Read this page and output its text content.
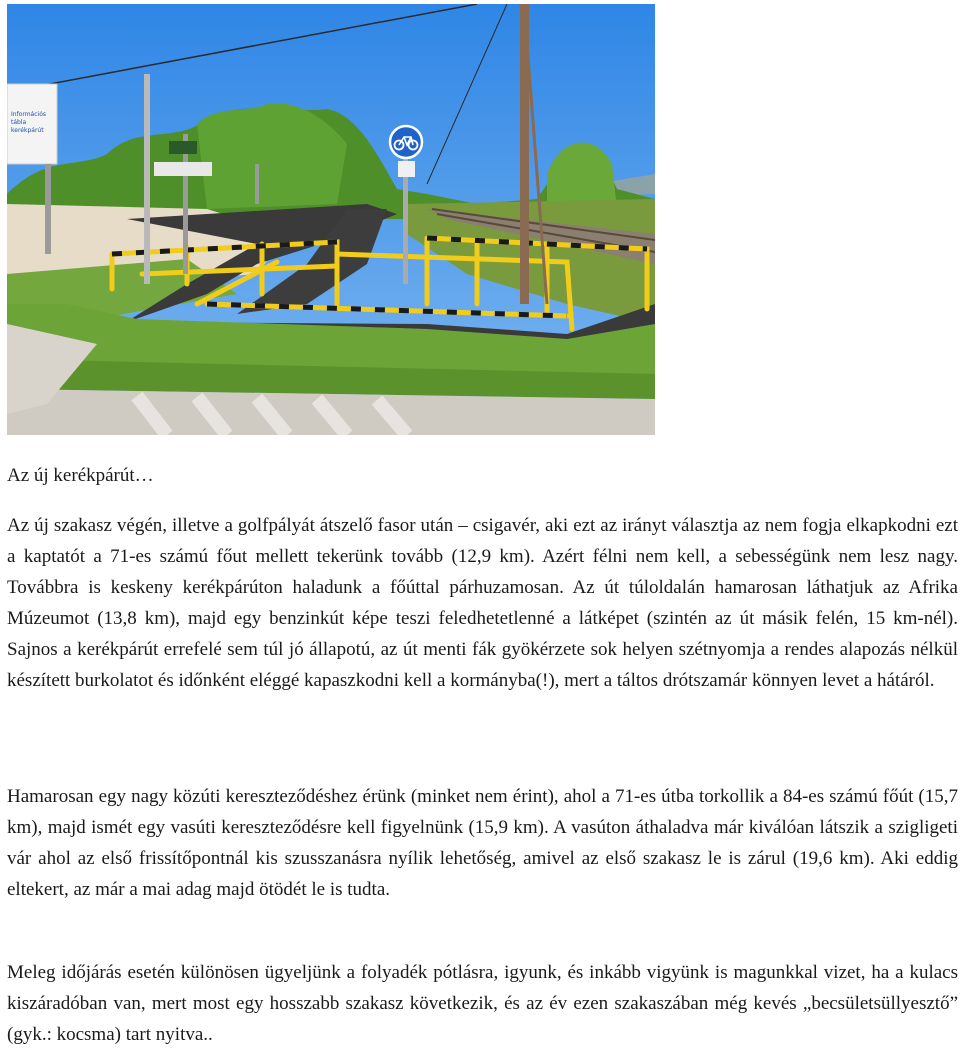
Információs
tábla
kerékpárút

Az új kerékpárút…

Az új szakasz végén, illetve a golfpályát átszelő fasor után – csigavér, aki ezt az irányt választja az nem fogja elkapkodni ezt a kaptatót a 71-es számú főut mellett tekerünk tovább (12,9 km). Azért félni nem kell, a sebességünk nem lesz nagy. Továbbra is keskeny kerékpárúton haladunk a főúttal párhuzamosan. Az út túloldalán hamarosan láthatjuk az Afrika Múzeumot (13,8 km), majd egy benzinkút képe teszi feledhetetlenné a látképet (szintén az út másik felén, 15 km-nél). Sajnos a kerékpárút errefelé sem túl jó állapotú, az út menti fák gyökérzete sok helyen szétnyomja a rendes alapozás nélkül készített burkolatot és időnként eléggé kapaszkodni kell a kormányba(!), mert a táltos drótszamár könnyen levet a hátáról.

Hamarosan egy nagy közúti kereszteződéshez érünk (minket nem érint), ahol a 71-es útba torkollik a 84-es számú főút (15,7 km), majd ismét egy vasúti kereszteződésre kell figyelnünk (15,9 km). A vasúton áthaladva már kiválóan látszik a szigligeti vár ahol az első frissítőpontnál kis szusszanásra nyílik lehetőség, amivel az első szakasz le is zárul (19,6 km). Aki eddig eltekert, az már a mai adag majd ötödét le is tudta.

Meleg időjárás esetén különösen ügyeljünk a folyadék pótlásra, igyunk, és inkább vigyünk is magunkkal vizet, ha a kulacs kiszáradóban van, mert most egy hosszabb szakasz következik, és az év ezen szakaszában még kevés „becsületsüllyesztő” (gyk.: kocsma) tart nyitva..
